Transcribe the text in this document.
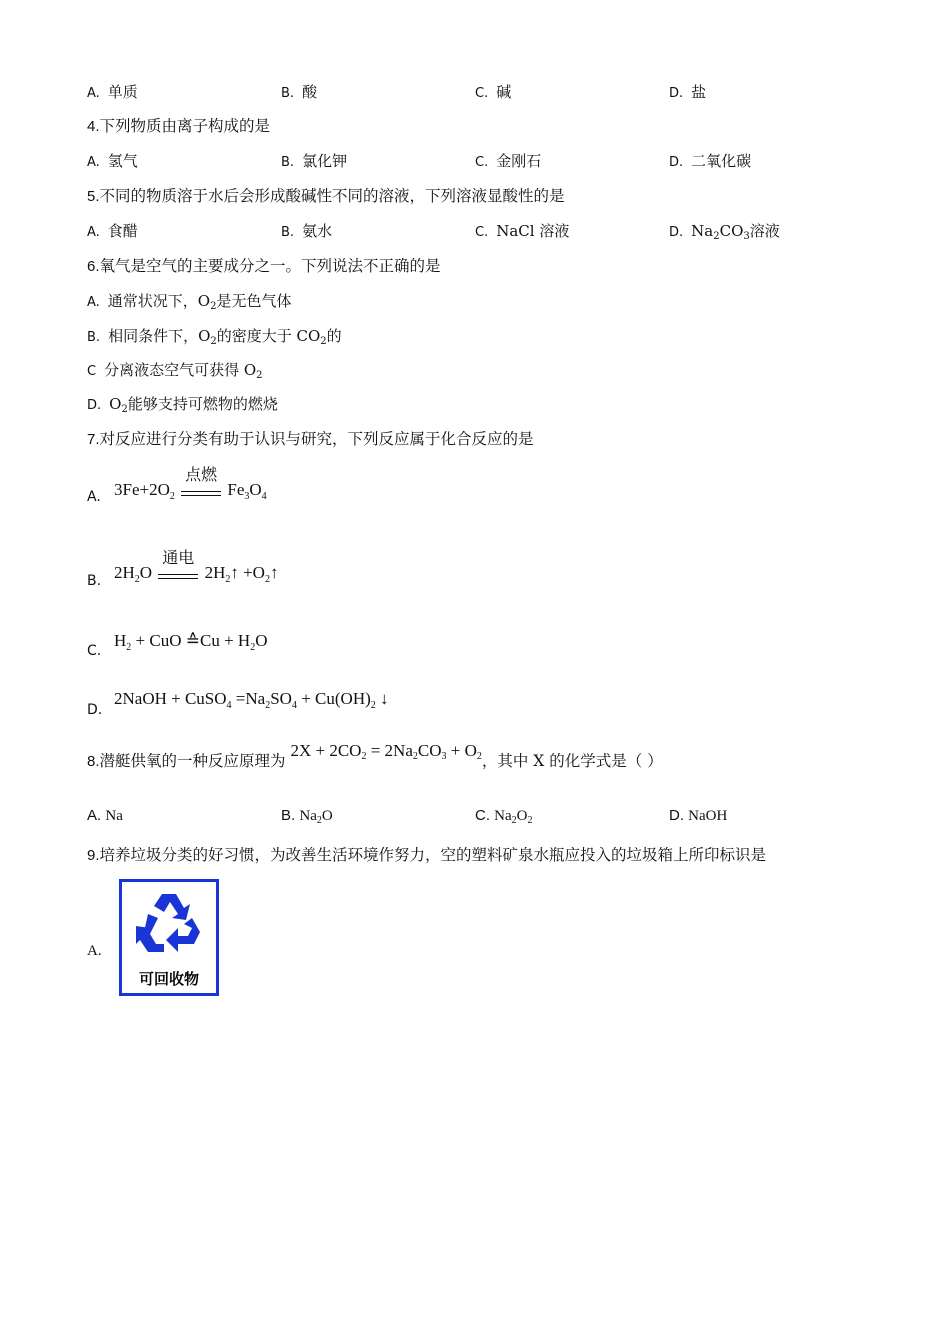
A. 单质	B. 酸	C. 碱	D. 盐
4.下列物质由离子构成的是
A. 氢气	B. 氯化钾	C. 金刚石	D. 二氧化碳
5.不同的物质溶于水后会形成酸碱性不同的溶液，下列溶液显酸性的是
A. 食醋	B. 氨水	C. NaCl 溶液	D. $Na_2CO_3$溶液
6.氧气是空气的主要成分之一。下列说法不正确的是
A. 通常状况下，$O_2$是无色气体
B. 相同条件下，$O_2$的密度大于 $CO_2$的
C 分离液态空气可获得 $O_2$
D. $O_2$能够支持可燃物的燃烧
7.对反应进行分类有助于认识与研究，下列反应属于化合反应的是
A. $3Fe+2O_2$
点燃
$Fe_3O_4$
B. $2H_2O$
通电
$2H_2↑$ $+O_2↑$
C.
$H_2$ + CuO ≙Cu + $H_2O$
D.
2NaOH + CuSO$_4$ $=Na_2SO_4 + Cu(OH)_2$ ↓
8.潜艇供氧的一种反应原理为 $2X + 2CO_2 = 2Na_2CO_3 + O_2$，其中 X 的化学式是（ ）
A. Na	B. $Na_2O$	C. $Na_2O_2$	D. NaOH
9.培养垃圾分类的好习惯，为改善生活环境作努力，空的塑料矿泉水瓶应投入的垃圾箱上所印标识是
A.
可回收物
